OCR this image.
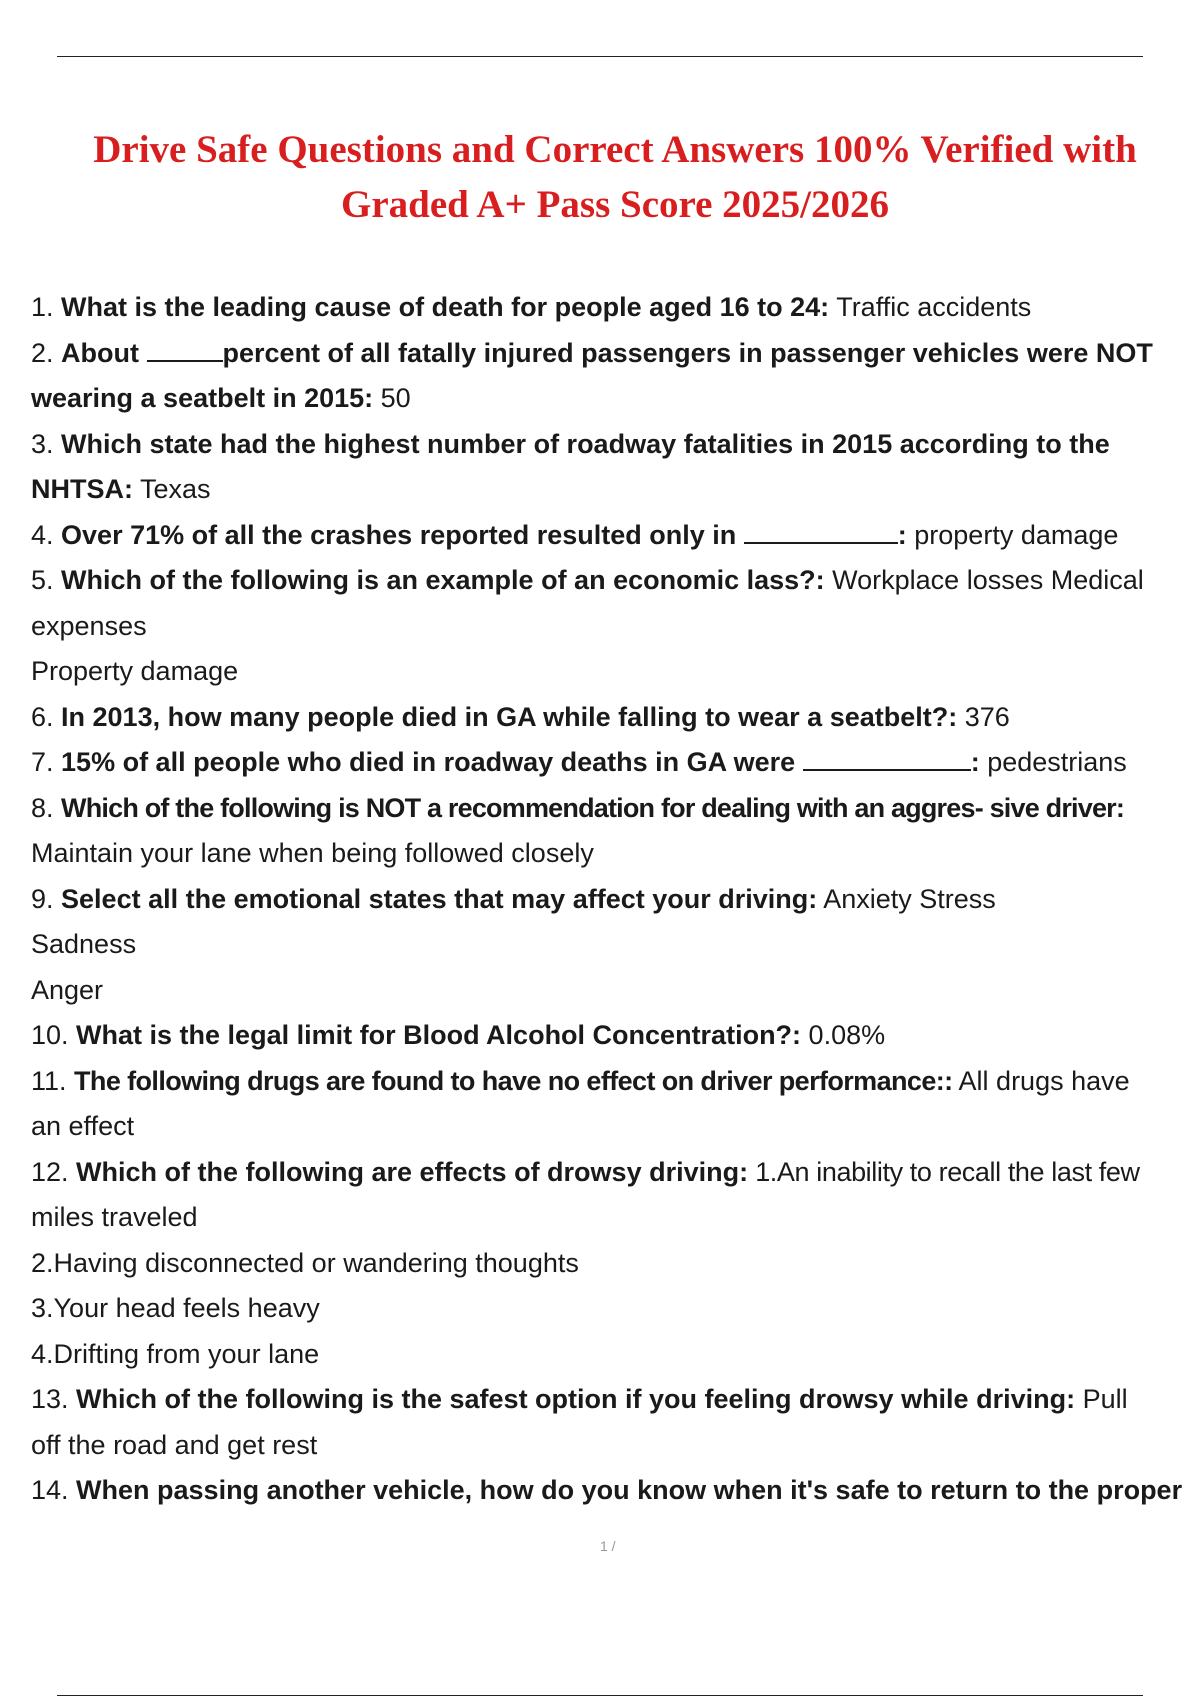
Drive Safe Questions and Correct Answers 100% Verified with
Graded A+ Pass Score 2025/2026
1. What is the leading cause of death for people aged 16 to 24: Traffic accidents
2. About	percent of all fatally injured passengers in passenger vehicles were NOT
wearing a seatbelt in 2015: 50
3. Which state had the highest number of roadway fatalities in 2015 according to the
NHTSA: Texas
4. Over 71% of all the crashes reported resulted only in	: property damage
5. Which of the following is an example of an economic lass?: Workplace losses Medical
expenses
Property damage
6. In 2013, how many people died in GA while falling to wear a seatbelt?: 376
7. 15% of all people who died in roadway deaths in GA were	: pedestrians
8. Which of the following is NOT a recommendation for dealing with an aggres- sive driver:
Maintain your lane when being followed closely
9. Select all the emotional states that may affect your driving: Anxiety Stress
Sadness
Anger
10. What is the legal limit for Blood Alcohol Concentration?: 0.08%
11. The following drugs are found to have no effect on driver performance:: All drugs have
an effect
12. Which of the following are effects of drowsy driving: 1.An inability to recall the last few
miles traveled
2.Having disconnected or wandering thoughts
3.Your head feels heavy
4.Drifting from your lane
13. Which of the following is the safest option if you feeling drowsy while driving: Pull
off the road and get rest
14. When passing another vehicle, how do you know when it's safe to return to the proper
1 /
